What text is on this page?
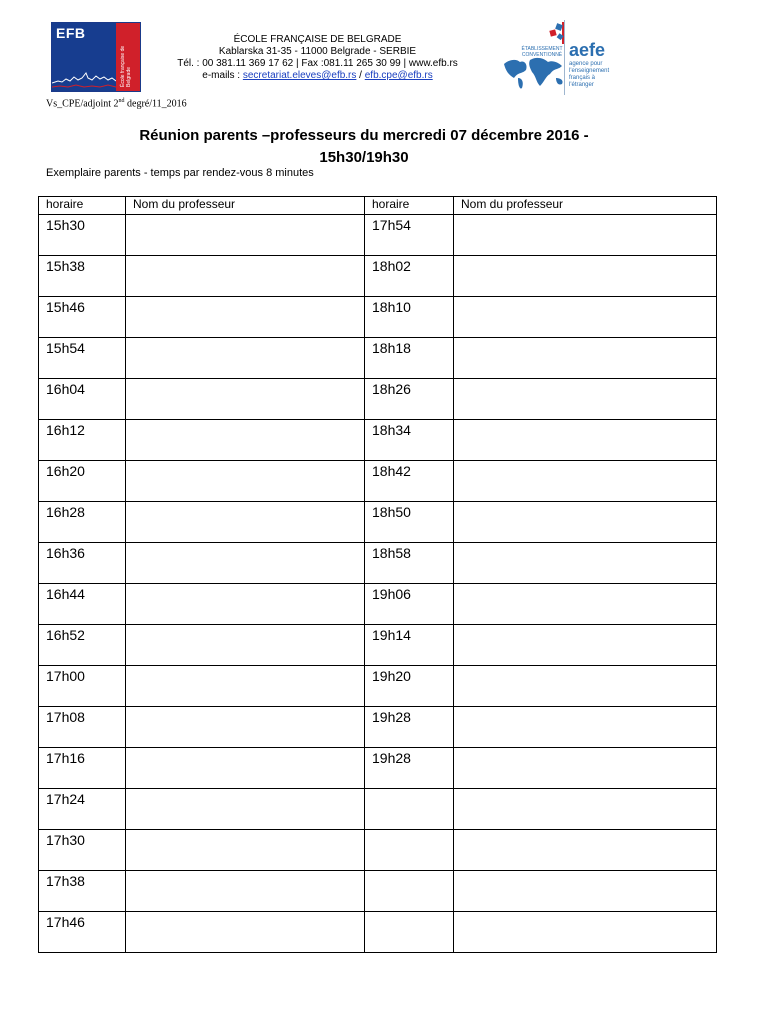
EFB
École française de Belgrade
ÉCOLE FRANÇAISE DE BELGRADE
Kablarska 31-35 - 11000 Belgrade - SERBIE
Tél. : 00 381.11 369 17 62 | Fax :081.11 265 30 99 | www.efb.rs
e-mails : secretariat.eleves@efb.rs / efb.cpe@efb.rs
ÉTABLISSEMENT CONVENTIONNÉ aefe
agence pour l'enseignement français à l'étranger
Vs_CPE/adjoint 2nd degré/11_2016
Réunion parents –professeurs du mercredi 07 décembre 2016 -
15h30/19h30
Exemplaire parents - temps par rendez-vous 8 minutes
horaire	Nom du professeur	horaire	Nom du professeur
15h30		17h54	
15h38		18h02	
15h46		18h10	
15h54		18h18	
16h04		18h26	
16h12		18h34	
16h20		18h42	
16h28		18h50	
16h36		18h58	
16h44		19h06	
16h52		19h14	
17h00		19h20	
17h08		19h28	
17h16		19h28	
17h24			
17h30			
17h38			
17h46			
